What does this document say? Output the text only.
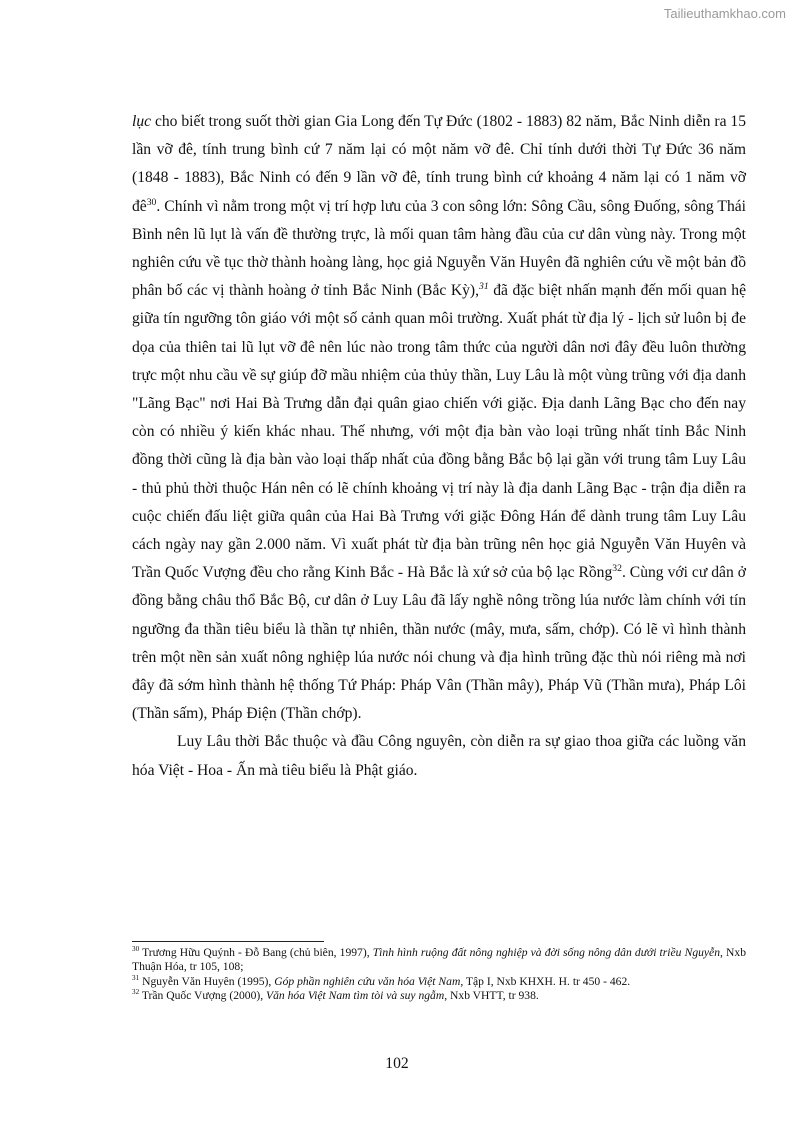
Tailieuthamkhao.com

lục cho biết trong suốt thời gian Gia Long đến Tự Đức (1802 - 1883) 82 năm, Bắc Ninh diễn ra 15 lần vỡ đê, tính trung bình cứ 7 năm lại có một năm vỡ đê. Chỉ tính dưới thời Tự Đức 36 năm (1848 - 1883), Bắc Ninh có đến 9 lần vỡ đê, tính trung bình cứ khoảng 4 năm lại có 1 năm vỡ $đê^{30}$. Chính vì nằm trong một vị trí hợp lưu của 3 con sông lớn: Sông Cầu, sông Đuống, sông Thái Bình nên lũ lụt là vấn đề thường trực, là mối quan tâm hàng đầu của cư dân vùng này. Trong một nghiên cứu về tục thờ thành hoàng làng, học giả Nguyễn Văn Huyên đã nghiên cứu về một bản đồ phân bố các vị thành hoàng ở tỉnh Bắc Ninh (Bắc Kỳ),$^{31}$ đã đặc biệt nhấn mạnh đến mối quan hệ giữa tín ngưỡng tôn giáo với một số cảnh quan môi trường. Xuất phát từ địa lý - lịch sử luôn bị đe dọa của thiên tai lũ lụt vỡ đê nên lúc nào trong tâm thức của người dân nơi đây đều luôn thường trực một nhu cầu về sự giúp đỡ mầu nhiệm của thủy thần, Luy Lâu là một vùng trũng với địa danh "Lãng Bạc" nơi Hai Bà Trưng dẫn đại quân giao chiến với giặc. Địa danh Lãng Bạc cho đến nay còn có nhiều ý kiến khác nhau. Thế nhưng, với một địa bàn vào loại trũng nhất tỉnh Bắc Ninh đồng thời cũng là địa bàn vào loại thấp nhất của đồng bằng Bắc bộ lại gần với trung tâm Luy Lâu - thủ phủ thời thuộc Hán nên có lẽ chính khoảng vị trí này là địa danh Lãng Bạc - trận địa diễn ra cuộc chiến đấu liệt giữa quân của Hai Bà Trưng với giặc Đông Hán để dành trung tâm Luy Lâu cách ngày nay gần 2.000 năm. Vì xuất phát từ địa bàn trũng nên học giả Nguyễn Văn Huyên và Trần Quốc Vượng đều cho rằng Kinh Bắc - Hà Bắc là xứ sở của bộ lạc Rồng$^{32}$. Cùng với cư dân ở đồng bằng châu thổ Bắc Bộ, cư dân ở Luy Lâu đã lấy nghề nông trồng lúa nước làm chính với tín ngưỡng đa thần tiêu biểu là thần tự nhiên, thần nước (mây, mưa, sấm, chớp). Có lẽ vì hình thành trên một nền sản xuất nông nghiệp lúa nước nói chung và địa hình trũng đặc thù nói riêng mà nơi đây đã sớm hình thành hệ thống Tứ Pháp: Pháp Vân (Thần mây), Pháp Vũ (Thần mưa), Pháp Lôi (Thần sấm), Pháp Điện (Thần chớp).

Luy Lâu thời Bắc thuộc và đầu Công nguyên, còn diễn ra sự giao thoa giữa các luồng văn hóa Việt - Hoa - Ấn mà tiêu biểu là Phật giáo.

$^{30}$ Trương Hữu Quýnh - Đỗ Bang (chủ biên, 1997), Tình hình ruộng đất nông nghiệp và đời sống nông dân dưới triều Nguyễn, Nxb Thuận Hóa, tr 105, 108;

$^{31}$ Nguyễn Văn Huyên (1995), Góp phần nghiên cứu văn hóa Việt Nam, Tập I, Nxb KHXH. H. tr 450 - 462.

$^{32}$ Trần Quốc Vượng (2000), Văn hóa Việt Nam tìm tòi và suy ngẫm, Nxb VHTT, tr 938.

102
